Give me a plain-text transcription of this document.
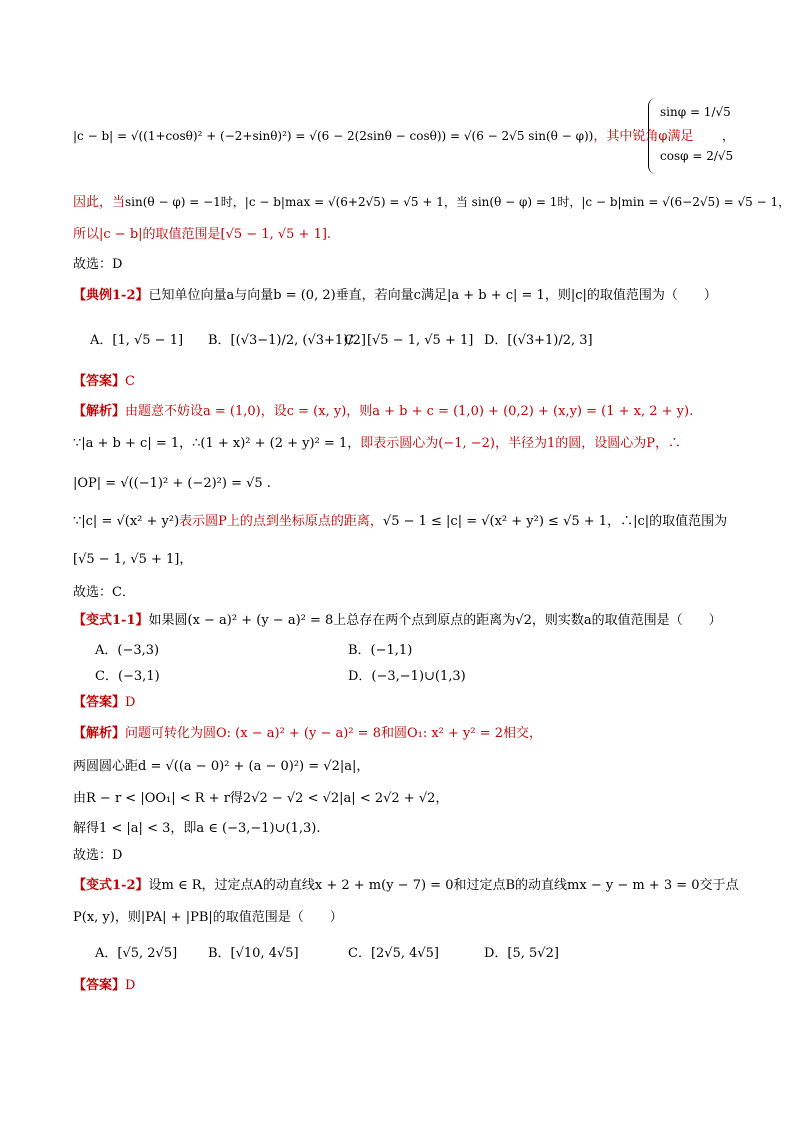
|c − b| = √((1+cosθ)² + (−2+sinθ)²) = √(6 − 2(2sinθ − cosθ)) = √(6 − 2√5 sin(θ − φ))，其中锐角φ满足
sinφ = 1/√5
cosφ = 2/√5
，
因此，当sin(θ − φ) = −1时，|c − b|max = √(6+2√5) = √5 + 1，当 sin(θ − φ) = 1时，|c − b|min = √(6−2√5) = √5 − 1，
所以|c − b|的取值范围是[√5 − 1, √5 + 1].
故选：D
【典例1-2】已知单位向量a与向量b = (0, 2)垂直，若向量c满足|a + b + c| = 1，则|c|的取值范围为（　　）
A．[1, √5 − 1] B．[(√3−1)/2, (√3+1)/2]
C．[√5 − 1, √5 + 1] D．[(√3+1)/2, 3]
【答案】C
【解析】由题意不妨设a = (1,0)，设c = (x, y)，则a + b + c = (1,0) + (0,2) + (x,y) = (1 + x, 2 + y).
∵|a + b + c| = 1，∴(1 + x)² + (2 + y)² = 1，即表示圆心为(−1, −2)，半径为1的圆，设圆心为P，∴
|OP| = √((−1)² + (−2)²) = √5 .
∵|c| = √(x² + y²)表示圆P上的点到坐标原点的距离，√5 − 1 ≤ |c| = √(x² + y²) ≤ √5 + 1，∴|c|的取值范围为
[√5 − 1, √5 + 1]，
故选：C．
【变式1-1】如果圆(x − a)² + (y − a)² = 8上总存在两个点到原点的距离为√2，则实数a的取值范围是（　　）
A．(−3,3)	B．(−1,1)
C．(−3,1)	D．(−3,−1)∪(1,3)
【答案】D
【解析】问题可转化为圆O: (x − a)² + (y − a)² = 8和圆O₁: x² + y² = 2相交，
两圆圆心距d = √((a − 0)² + (a − 0)²) = √2|a|，
由R − r < |OO₁| < R + r得2√2 − √2 < √2|a| < 2√2 + √2，
解得1 < |a| < 3，即a ∈ (−3,−1)∪(1,3).
故选：D
【变式1-2】设m ∈ R，过定点A的动直线x + 2 + m(y − 7) = 0和过定点B的动直线mx − y − m + 3 = 0交于点
P(x, y)，则|PA| + |PB|的取值范围是（　　）
A．[√5, 2√5] B．[√10, 4√5]	C．[2√5, 4√5]	D．[5, 5√2]
【答案】D
